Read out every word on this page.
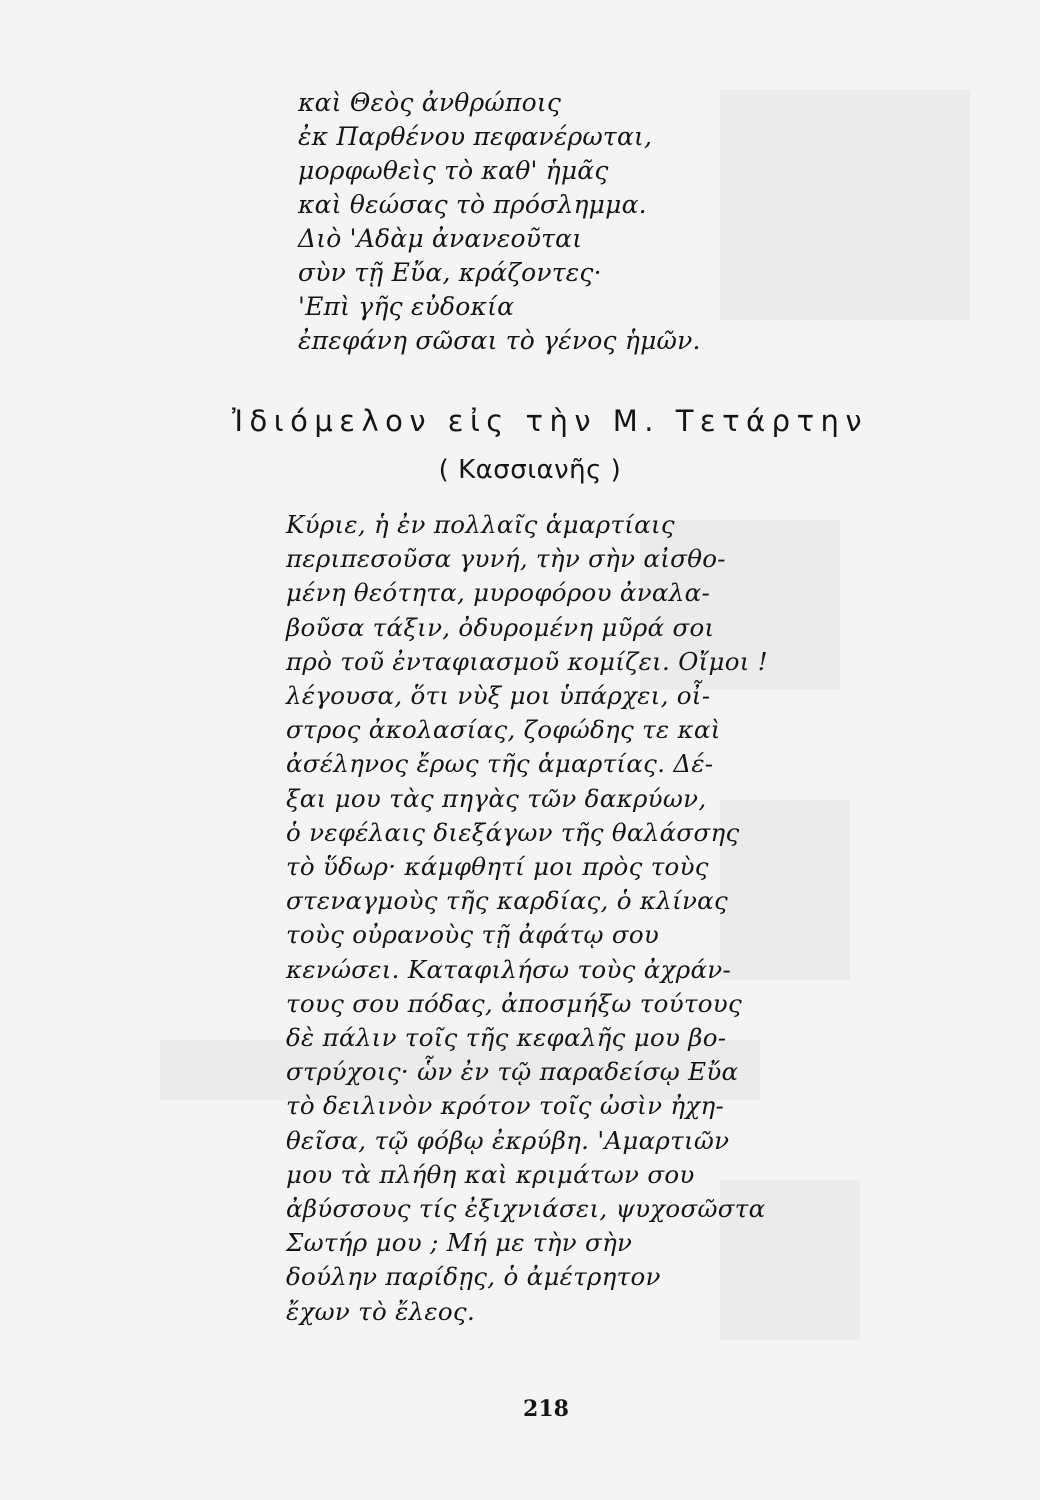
καὶ Θεὸς ἀνθρώποις
ἐκ Παρθένου πεφανέρωται,
μορφωθεὶς τὸ καθ' ἡμᾶς
καὶ θεώσας τὸ πρόσλημμα.
Διὸ 'Αδὰμ ἀνανεοῦται
σὺν τῇ Εὔα, κράζοντες·
'Επὶ γῆς εὐδοκία
ἐπεφάνη σῶσαι τὸ γένος ἡμῶν.
Ἰδιόμελον εἰς τὴν Μ. Τετάρτην
( Κασσιανῆς )
Κύριε, ἡ ἐν πολλαῖς ἁμαρτίαις
περιπεσοῦσα γυνή, τὴν σὴν αἰσθο-
μένη θεότητα, μυροφόρου ἀναλα-
βοῦσα τάξιν, ὀδυρομένη μῦρά σοι
πρὸ τοῦ ἐνταφιασμοῦ κομίζει. Οἴμοι !
λέγουσα, ὅτι νὺξ μοι ὑπάρχει, οἶ-
στρος ἀκολασίας, ζοφώδης τε καὶ
ἀσέληνος ἔρως τῆς ἁμαρτίας. Δέ-
ξαι μου τὰς πηγὰς τῶν δακρύων,
ὁ νεφέλαις διεξάγων τῆς θαλάσσης
τὸ ὕδωρ· κάμφθητί μοι πρὸς τοὺς
στεναγμοὺς τῆς καρδίας, ὁ κλίνας
τοὺς οὐρανοὺς τῇ ἀφάτῳ σου
κενώσει. Καταφιλήσω τοὺς ἀχράν-
τους σου πόδας, ἀποσμήξω τούτους
δὲ πάλιν τοῖς τῆς κεφαλῆς μου βο-
στρύχοις· ὧν ἐν τῷ παραδείσῳ Εὔα
τὸ δειλινὸν κρότον τοῖς ὠσὶν ἠχη-
θεῖσα, τῷ φόβῳ ἐκρύβη. 'Αμαρτιῶν
μου τὰ πλήθη καὶ κριμάτων σου
ἀβύσσους τίς ἐξιχνιάσει, ψυχοσῶστα
Σωτήρ μου ; Μή με τὴν σὴν
δούλην παρίδῃς, ὁ ἀμέτρητον
ἔχων τὸ ἔλεος.
218
